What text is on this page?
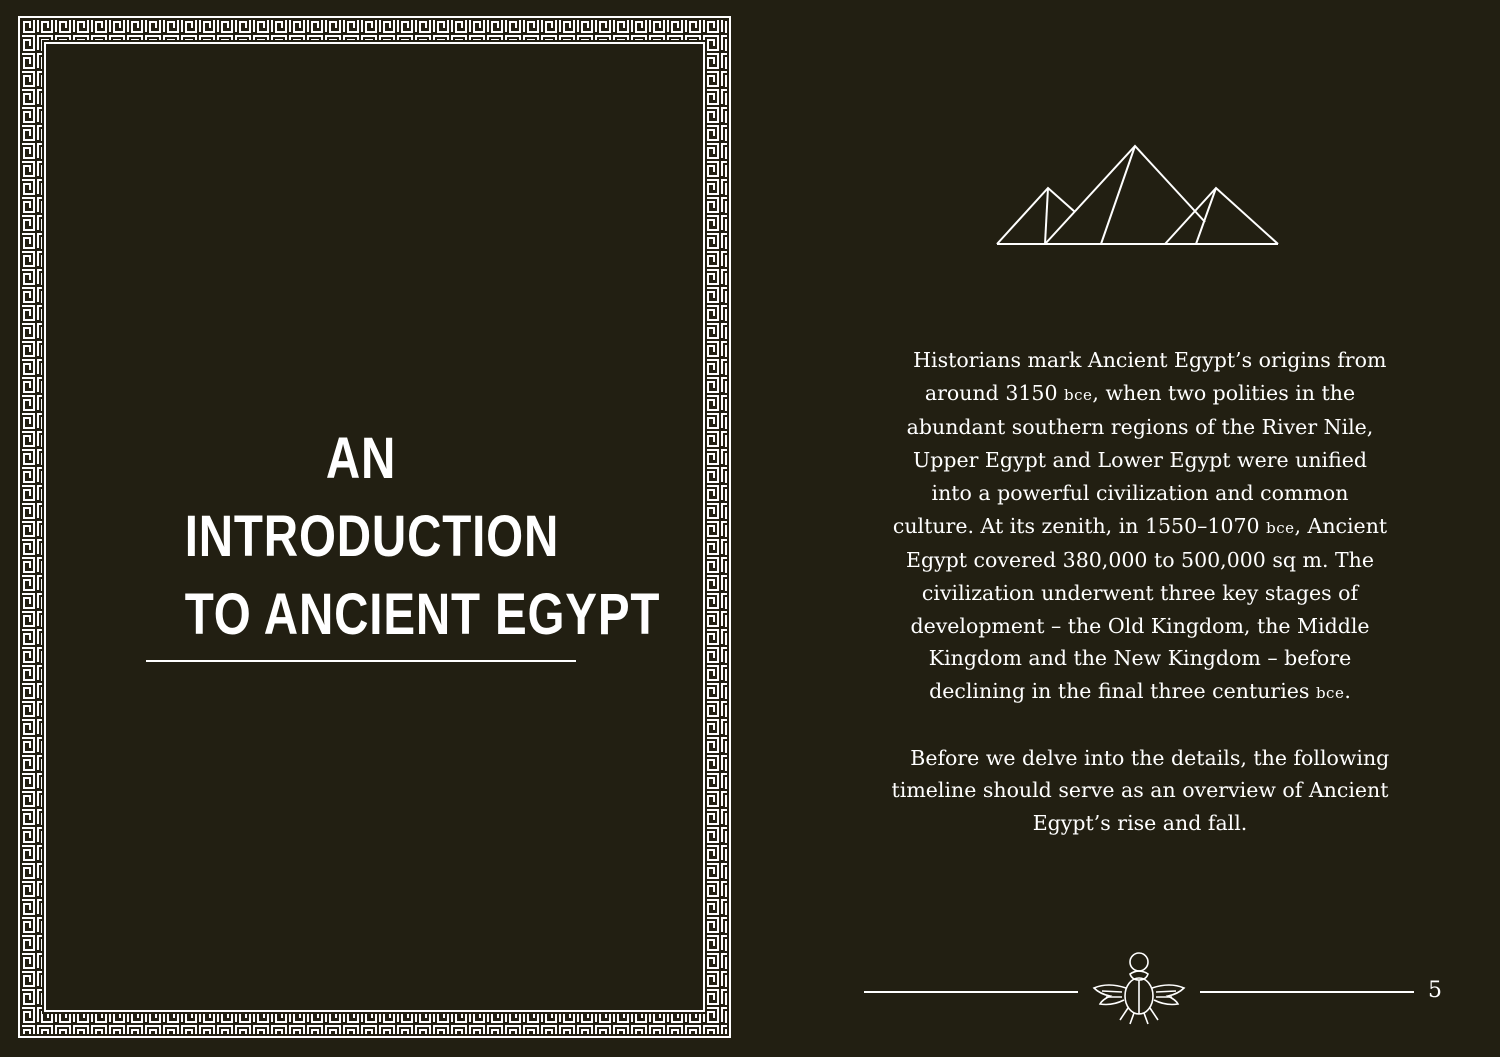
AN
INTRODUCTION
TO ANCIENT EGYPT

Historians mark Ancient Egypt’s origins from around 3150 bce, when two polities in the abundant southern regions of the River Nile, Upper Egypt and Lower Egypt were unified into a powerful civilization and common culture. At its zenith, in 1550–1070 bce, Ancient Egypt covered 380,000 to 500,000 sq m. The civilization underwent three key stages of development – the Old Kingdom, the Middle Kingdom and the New Kingdom – before declining in the final three centuries bce.

Before we delve into the details, the following timeline should serve as an overview of Ancient Egypt’s rise and fall.

5
